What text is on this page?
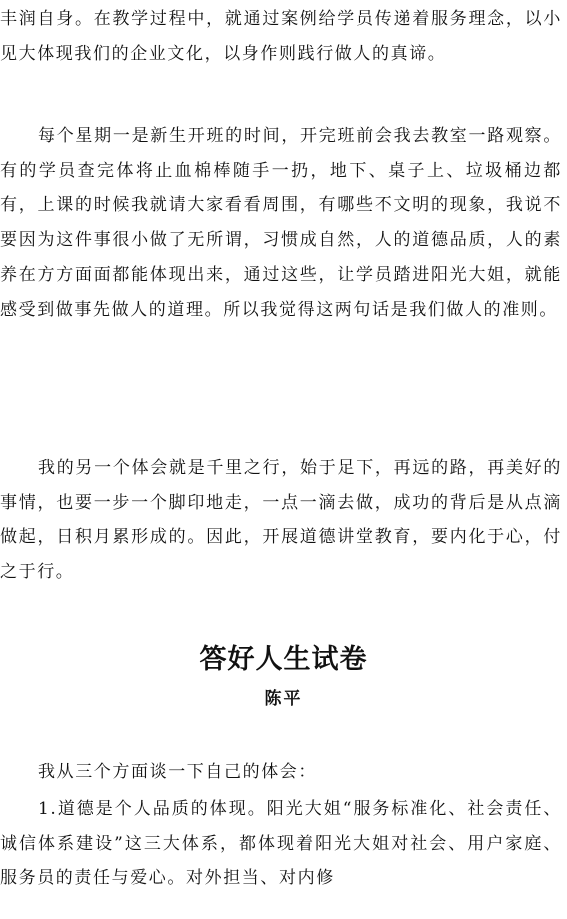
丰润自身。在教学过程中，就通过案例给学员传递着服务理念，以小见大体现我们的企业文化，以身作则践行做人的真谛。

每个星期一是新生开班的时间，开完班前会我去教室一路观察。有的学员查完体将止血棉棒随手一扔，地下、桌子上、垃圾桶边都有，上课的时候我就请大家看看周围，有哪些不文明的现象，我说不要因为这件事很小做了无所谓，习惯成自然，人的道德品质，人的素养在方方面面都能体现出来，通过这些，让学员踏进阳光大姐，就能感受到做事先做人的道理。所以我觉得这两句话是我们做人的准则。

我的另一个体会就是千里之行，始于足下，再远的路，再美好的事情，也要一步一个脚印地走，一点一滴去做，成功的背后是从点滴做起，日积月累形成的。因此，开展道德讲堂教育，要内化于心，付之于行。

答好人生试卷
陈平

我从三个方面谈一下自己的体会：

1.道德是个人品质的体现。阳光大姐“服务标准化、社会责任、诚信体系建设”这三大体系，都体现着阳光大姐对社会、用户家庭、服务员的责任与爱心。对外担当、对内修
